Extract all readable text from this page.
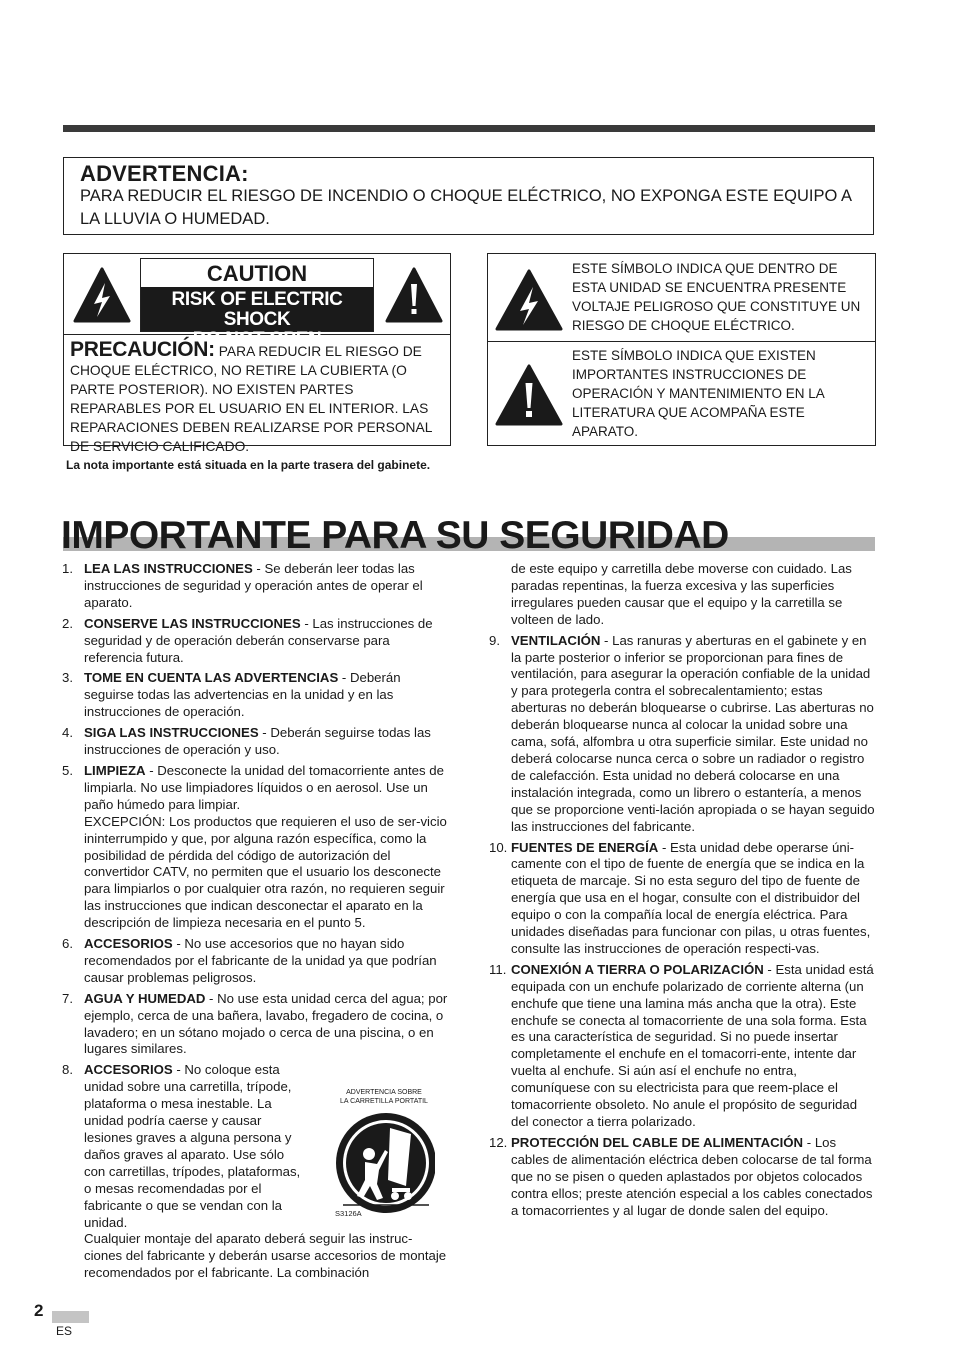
ADVERTENCIA:
PARA REDUCIR EL RIESGO DE INCENDIO O CHOQUE ELÉCTRICO, NO EXPONGA ESTE EQUIPO A LA LLUVIA O HUMEDAD.
CAUTION
RISK OF ELECTRIC SHOCK
DO NOT OPEN
PRECAUCIÓN: PARA REDUCIR EL RIESGO DE CHOQUE ELÉCTRICO, NO RETIRE LA CUBIERTA (O PARTE POSTERIOR). NO EXISTEN PARTES REPARABLES POR EL USUARIO EN EL INTERIOR. LAS REPARACIONES DEBEN REALIZARSE POR PERSONAL DE SERVICIO CALIFICADO.
ESTE SÍMBOLO INDICA QUE DENTRO DE ESTA UNIDAD SE ENCUENTRA PRESENTE VOLTAJE PELIGROSO QUE CONSTITUYE UN RIESGO DE CHOQUE ELÉCTRICO.
ESTE SÍMBOLO INDICA QUE EXISTEN IMPORTANTES INSTRUCCIONES DE OPERACIÓN Y MANTENIMIENTO EN LA LITERATURA QUE ACOMPAÑA ESTE APARATO.
La nota importante está situada en la parte trasera del gabinete.
IMPORTANTE PARA SU SEGURIDAD
1. LEA LAS INSTRUCCIONES - Se deberán leer todas las instrucciones de seguridad y operación antes de operar el aparato.
2. CONSERVE LAS INSTRUCCIONES - Las instrucciones de seguridad y de operación deberán conservarse para referencia futura.
3. TOME EN CUENTA LAS ADVERTENCIAS - Deberán seguirse todas las advertencias en la unidad y en las instrucciones de operación.
4. SIGA LAS INSTRUCCIONES - Deberán seguirse todas las instrucciones de operación y uso.
5. LIMPIEZA - Desconecte la unidad del tomacorriente antes de limpiarla. No use limpiadores líquidos o en aerosol. Use un paño húmedo para limpiar.
EXCEPCIÓN: Los productos que requieren el uso de ser-vicio ininterrumpido y que, por alguna razón específica, como la posibilidad de pérdida del código de autorización del convertidor CATV, no permiten que el usuario los desconecte para limpiarlos o por cualquier otra razón, no requieren seguir las instrucciones que indican desconectar el aparato en la descripción de limpieza necesaria en el punto 5.
6. ACCESORIOS - No use accesorios que no hayan sido recomendados por el fabricante de la unidad ya que podrían causar problemas peligrosos.
7. AGUA Y HUMEDAD - No use esta unidad cerca del agua; por ejemplo, cerca de una bañera, lavabo, fregadero de cocina, o lavadero; en un sótano mojado o cerca de una piscina, o en lugares similares.
8. ACCESORIOS - No coloque esta unidad sobre una carretilla, trípode, plataforma o mesa inestable. La unidad podría caerse y causar lesiones graves a alguna persona y daños graves al aparato. Use sólo con carretillas, trípodes, plataformas, o mesas recomendadas por el fabricante o que se vendan con la unidad.
Cualquier montaje del aparato deberá seguir las instruc-ciones del fabricante y deberán usarse accesorios de montaje recomendados por el fabricante. La combinación
ADVERTENCIA SOBRE
LA CARRETILLA PORTATIL
S3126A
de este equipo y carretilla debe moverse con cuidado. Las paradas repentinas, la fuerza excesiva y las superficies irregulares pueden causar que el equipo y la carretilla se volteen de lado.
9. VENTILACIÓN - Las ranuras y aberturas en el gabinete y en la parte posterior o inferior se proporcionan para fines de ventilación, para asegurar la operación confiable de la unidad y para protegerla contra el sobrecalentamiento; estas aberturas no deberán bloquearse o cubrirse. Las aberturas no deberán bloquearse nunca al colocar la unidad sobre una cama, sofá, alfombra u otra superficie similar. Este unidad no deberá colocarse nunca cerca o sobre un radiador o registro de calefacción. Esta unidad no deberá colocarse en una instalación integrada, como un librero o estantería, a menos que se proporcione venti-lación apropiada o se hayan seguido las instrucciones del fabricante.
10. FUENTES DE ENERGÍA - Esta unidad debe operarse úni-camente con el tipo de fuente de energía que se indica en la etiqueta de marcaje. Si no esta seguro del tipo de fuente de energía que usa en el hogar, consulte con el distribuidor del equipo o con la compañía local de energía eléctrica. Para unidades diseñadas para funcionar con pilas, u otras fuentes, consulte las instrucciones de operación respecti-vas.
11. CONEXIÓN A TIERRA O POLARIZACIÓN - Esta unidad está equipada con un enchufe polarizado de corriente alterna (un enchufe que tiene una lamina más ancha que la otra). Este enchufe se conecta al tomacorriente de una sola forma. Esta es una característica de seguridad. Si no puede insertar completamente el enchufe en el tomacorri-ente, intente dar vuelta al enchufe. Si aún así el enchufe no entra, comuníquese con su electricista para que reem-place el tomacorriente obsoleto. No anule el propósito de seguridad del conector a tierra polarizado.
12. PROTECCIÓN DEL CABLE DE ALIMENTACIÓN - Los cables de alimentación eléctrica deben colocarse de tal forma que no se pisen o queden aplastados por objetos colocados contra ellos; preste atención especial a los cables conectados a tomacorrientes y al lugar de donde salen del equipo.
2
ES
